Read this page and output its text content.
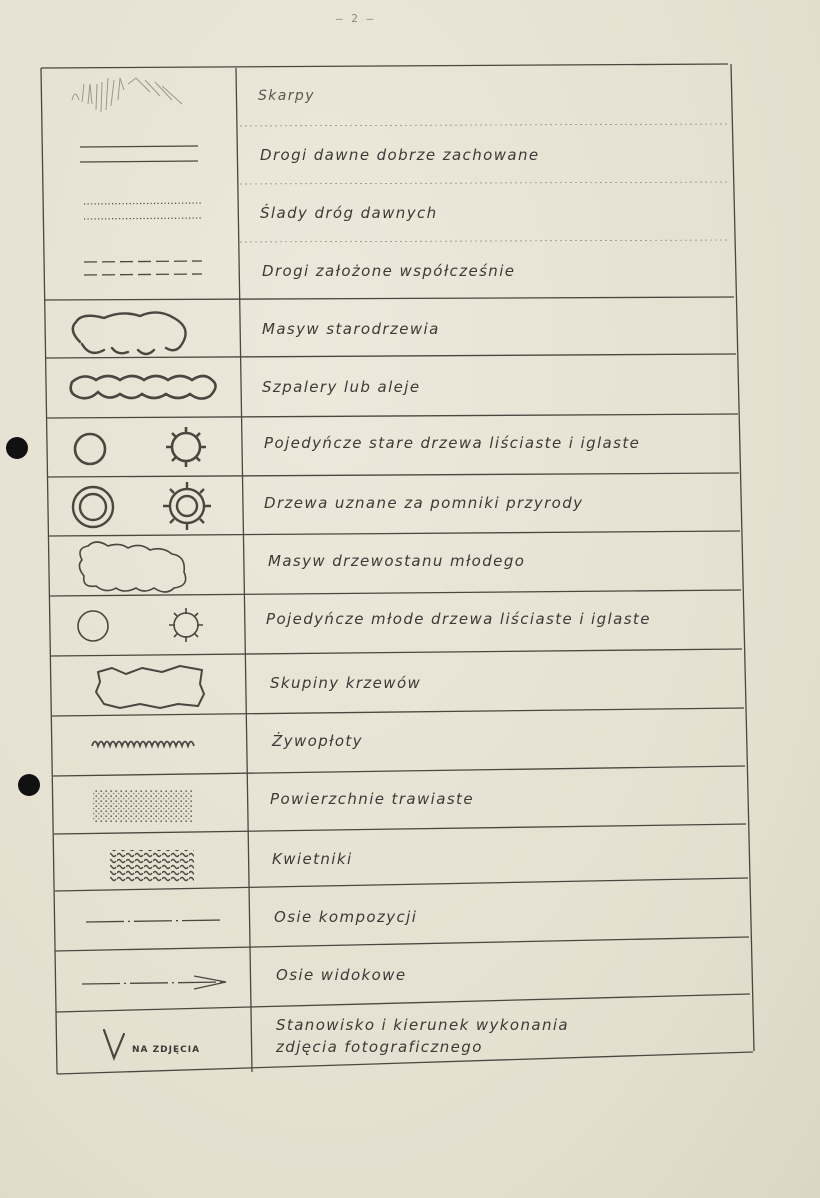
— 2 —
Skarpy
Drogi dawne dobrze zachowane
Ślady dróg dawnych
Drogi założone współcześnie
Masyw starodrzewia
Szpalery lub aleje
Pojedyńcze stare drzewa liściaste i iglaste
Drzewa uznane za pomniki przyrody
Masyw drzewostanu młodego
Pojedyńcze młode drzewa liściaste i iglaste
Skupiny krzewów
Żywopłoty
Powierzchnie trawiaste
Kwietniki
Osie kompozycji
Osie widokowe
Stanowisko i kierunek wykonania
zdjęcia fotograficznego
NA ZDJĘCIA
